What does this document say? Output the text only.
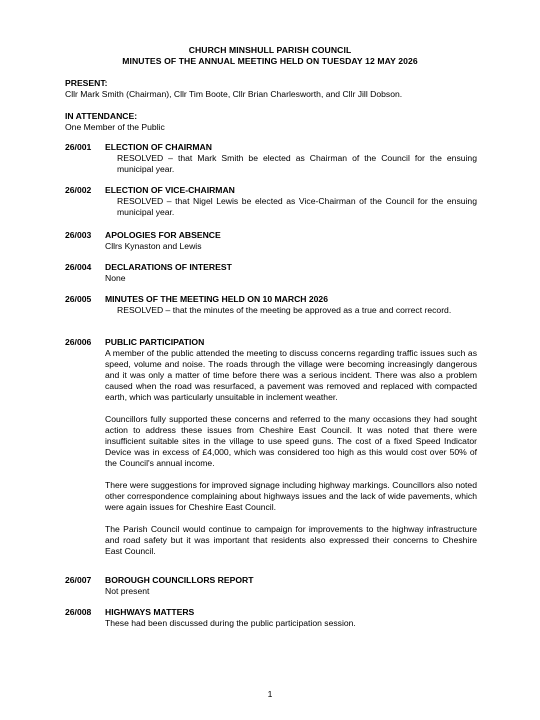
CHURCH MINSHULL PARISH COUNCIL
MINUTES OF THE ANNUAL MEETING HELD ON TUESDAY 12 MAY 2026
PRESENT:
Cllr Mark Smith (Chairman), Cllr Tim Boote, Cllr Brian Charlesworth, and Cllr Jill Dobson.
IN ATTENDANCE:
One Member of the Public
26/001 ELECTION OF CHAIRMAN

RESOLVED – that Mark Smith be elected as Chairman of the Council for the ensuing municipal year.

26/002 ELECTION OF VICE-CHAIRMAN

RESOLVED – that Nigel Lewis be elected as Vice-Chairman of the Council for the ensuing municipal year.

26/003 APOLOGIES FOR ABSENCE

Cllrs Kynaston and Lewis

26/004 DECLARATIONS OF INTEREST

None

26/005 MINUTES OF THE MEETING HELD ON 10 MARCH 2026

RESOLVED – that the minutes of the meeting be approved as a true and correct record.

26/006 PUBLIC PARTICIPATION

A member of the public attended the meeting to discuss concerns regarding traffic issues such as speed, volume and noise. The roads through the village were becoming increasingly dangerous and it was only a matter of time before there was a serious incident. There was also a problem caused when the road was resurfaced, a pavement was removed and replaced with compacted earth, which was particularly unsuitable in inclement weather.

Councillors fully supported these concerns and referred to the many occasions they had sought action to address these issues from Cheshire East Council. It was noted that there were insufficient suitable sites in the village to use speed guns. The cost of a fixed Speed Indicator Device was in excess of £4,000, which was considered too high as this would cost over 50% of the Council's annual income.

There were suggestions for improved signage including highway markings. Councillors also noted other correspondence complaining about highways issues and the lack of wide pavements, which were again issues for Cheshire East Council.

The Parish Council would continue to campaign for improvements to the highway infrastructure and road safety but it was important that residents also expressed their concerns to Cheshire East Council.

26/007 BOROUGH COUNCILLORS REPORT

Not present

26/008 HIGHWAYS MATTERS

These had been discussed during the public participation session.

1
